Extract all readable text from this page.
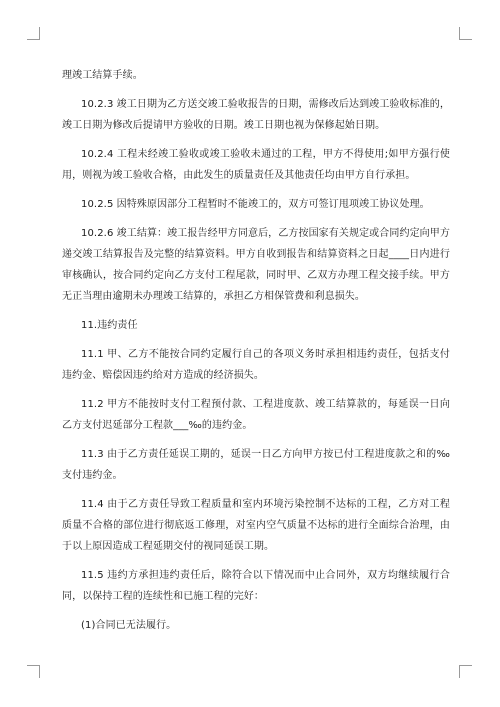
理竣工结算手续。

10.2.3 竣工日期为乙方送交竣工验收报告的日期，需修改后达到竣工验收标准的，竣工日期为修改后提请甲方验收的日期。竣工日期也视为保修起始日期。

10.2.4 工程未经竣工验收或竣工验收未通过的工程，甲方不得使用;如甲方强行使用，则视为竣工验收合格，由此发生的质量责任及其他责任均由甲方自行承担。

10.2.5 因特殊原因部分工程暂时不能竣工的，双方可签订甩项竣工协议处理。

10.2.6 竣工结算：竣工报告经甲方同意后，乙方按国家有关规定或合同约定向甲方递交竣工结算报告及完整的结算资料。甲方自收到报告和结算资料之日起____日内进行审核确认，按合同约定向乙方支付工程尾款，同时甲、乙双方办理工程交接手续。甲方无正当理由逾期未办理竣工结算的，承担乙方相保管费和利息损失。

11.违约责任

11.1 甲、乙方不能按合同约定履行自己的各项义务时承担相违约责任，包括支付违约金、赔偿因违约给对方造成的经济损失。

11.2 甲方不能按时支付工程预付款、工程进度款、竣工结算款的，每延误一日向乙方支付迟延部分工程款___‰的违约金。

11.3 由于乙方责任延误工期的，延误一日乙方向甲方按已付工程进度款之和的‰支付违约金。

11.4 由于乙方责任导致工程质量和室内环境污染控制不达标的工程，乙方对工程质量不合格的部位进行彻底返工修理，对室内空气质量不达标的进行全面综合治理，由于以上原因造成工程延期交付的视同延误工期。

11.5 违约方承担违约责任后，除符合以下情况而中止合同外，双方均继续履行合同，以保持工程的连续性和已施工程的完好：

(1)合同已无法履行。
